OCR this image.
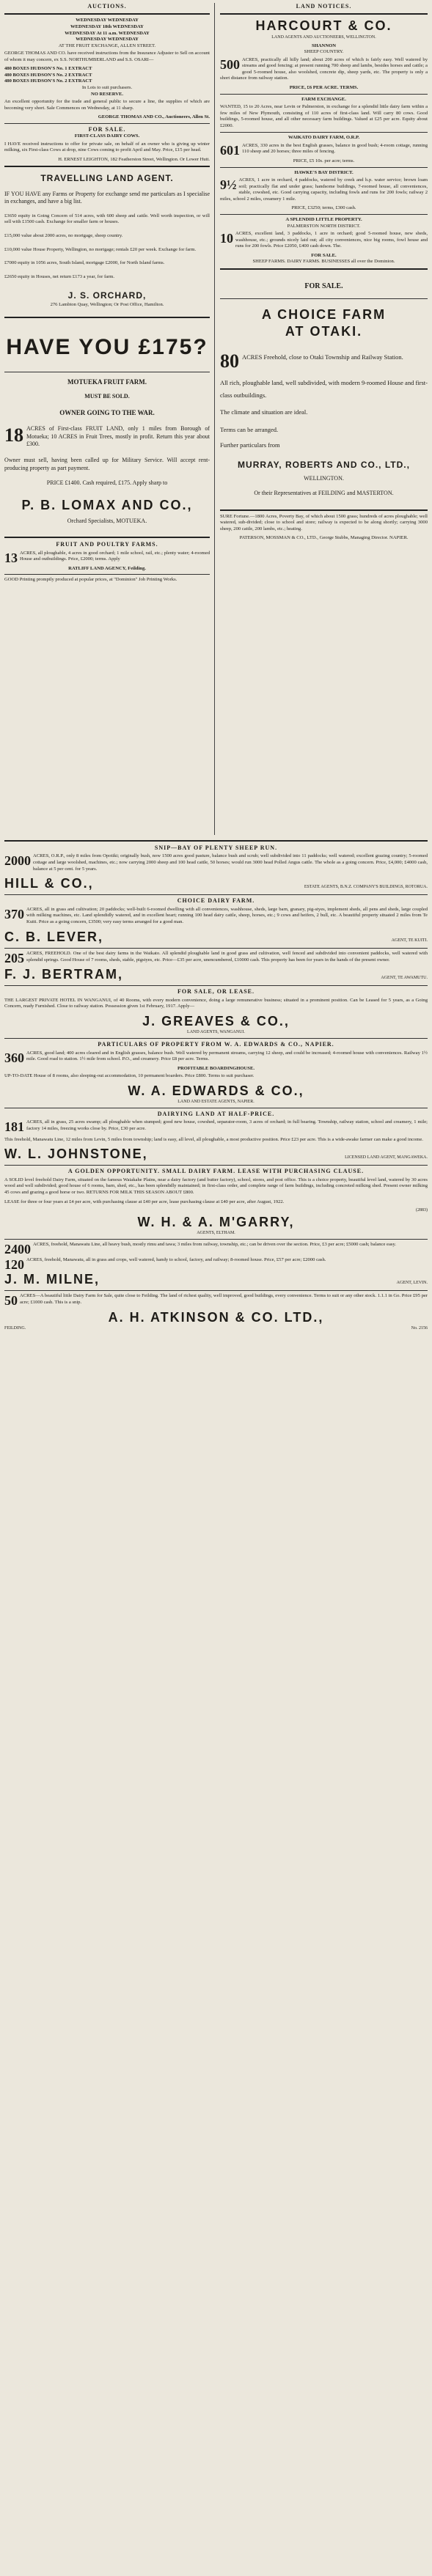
AUCTIONS.
WEDNESDAY WEDNESDAY
WEDNESDAY 18th WEDNESDAY
WEDNESDAY At 11 a.m. WEDNESDAY
WEDNESDAY WEDNESDAY
AT THE FRUIT EXCHANGE, ALLEN STREET.
GEORGE THOMAS AND CO. have received instructions from the Insurance Adjuster to Sell on account of whom it may concern, ex S.S. NORTHUMBERLAND and S.S. OSARI—
480 BOXES HUDSON'S No. 1 EXTRACT
480 BOXES HUDSON'S No. 2 EXTRACT
480 BOXES HUDSON'S No. 2 EXTRACT
In Lots to suit purchasers.
NO RESERVE.
An excellent opportunity for the trade and general public to secure a line, the supplies of which are becoming very short. Sale Commences on Wednesday, at 11 sharp.
GEORGE THOMAS AND CO., Auctioneers, Allen St.
FOR SALE.
FIRST-CLASS DAIRY COWS.
I HAVE received instructions to offer for private sale, on behalf of an owner who is giving up winter milking, six First-class Cows at drop, nine Cows coming to profit April and May. Price, £15 per head.
H. ERNEST LEIGHTON, 182 Featherston Street, Wellington. Or Lower Hutt.
TRAVELLING LAND AGENT.
IF YOU HAVE any Farms or Property for exchange send me particulars as I specialise in exchanges, and have a big list.
£3650 equity in Going Concern of 514 acres, with 600 sheep and cattle. Well worth inspection, or will sell with £1500 cash. Exchange for smaller farm or houses.
£15,000 value about 2000 acres, no mortgage, sheep country.
£10,000 value House Property, Wellington, no mortgage; rentals £20 per week. Exchange for farm.
£7000 equity in 1056 acres, South Island, mortgage £2000, for North Island farms.
£2650 equity in Houses, net return £173 a year, for farm.
J. S. ORCHARD,
276 Lambton Quay, Wellington; Or Post Office, Hamilton.
HAVE YOU £175?
MOTUEKA FRUIT FARM.
MUST BE SOLD.
OWNER GOING TO THE WAR.
18 ACRES of First-class FRUIT LAND, only 1 miles from Borough of Motueka; 10 ACRES in Fruit Trees, mostly in profit. Return this year about £300.
Owner must sell, having been called up for Military Service. Will accept rent-producing property as part payment.
PRICE £1400. Cash required, £175. Apply sharp to
P. B. LOMAX AND CO.,
Orchard Specialists, MOTUEKA.
FRUIT AND POULTRY FARMS.
13 ACRES, all ploughable, 4 acres in good orchard; 1 mile school, rail, etc.; plenty water; 4-roomed House and outbuildings. Price, £2000; terms. Apply
RATLIFF LAND AGENCY, Feilding.
GOOD Printing promptly produced at popular prices, at "Dominion" Job Printing Works.
LAND NOTICES.
HARCOURT & CO.
LAND AGENTS AND AUCTIONEERS, WELLINGTON.
SHANNON
SHEEP COUNTRY.
500 ACRES, practically all hilly land; about 200 acres of which is fairly easy. Well watered by streams and good fencing; at present running 700 sheep and lambs, besides horses and cattle; a good 5-roomed house, also woolshed, concrete dip, sheep yards, etc. The property is only a short distance from railway station.
PRICE, £6 PER ACRE. TERMS.
FARM EXCHANGE.
WANTED, 15 to 20 Acres, near Levin or Palmerston, in exchange for a splendid little dairy farm within a few miles of New Plymouth, consisting of 110 acres of first-class land. Will carry 80 cows. Good buildings, 5-roomed house, and all other necessary farm buildings. Valued at £25 per acre. Equity about £2000.
WAIKATO DAIRY FARM, O.R.P.
601 ACRES, 330 acres in the best English grasses, balance in good bush; 4-room cottage, running 110 sheep and 20 horses; three miles of fencing.
PRICE, £5 10s. per acre; terms.
HAWKE'S BAY DISTRICT.
9½ ACRES, 1 acre in orchard, 4 paddocks, watered by creek and h.p. water service; brown loam soil; practically flat and under grass; handsome buildings, 7-roomed house, all conveniences, stable, cowshed, etc. Good carrying capacity, including fowls and runs for 200 fowls; railway 2 miles, school 2 miles, creamery 1 mile.
PRICE, £3250; terms, £300 cash.
A SPLENDID LITTLE PROPERTY.
PALMERSTON NORTH DISTRICT.
10 ACRES, excellent land, 3 paddocks, 1 acre in orchard; good 5-roomed house, new sheds, washhouse, etc.; grounds nicely laid out; all city conveniences, nice big rooms, fowl house and runs for 200 fowls. Price £2050, £400 cash down. The.
FOR SALE.
SHEEP FARMS. DAIRY FARMS. BUSINESSES all over the Dominion.
FOR SALE.
A CHOICE FARM
AT OTAKI.
80 ACRES Freehold, close to Otaki Township and Railway Station.
All rich, ploughable land, well subdivided, with modern 9-roomed House and first-class outbuildings.
The climate and situation are ideal.
Terms can be arranged.
Further particulars from
MURRAY, ROBERTS AND CO., LTD.,
WELLINGTON.
Or their Representatives at FEILDING and MASTERTON.
SURE Fortune.—1800 Acres, Poverty Bay, of which about 1500 grass; hundreds of acres ploughable; well watered, sub-divided; close to school and store; railway is expected to be along shortly; carrying 3000 sheep, 200 cattle, 200 lambs, etc.; heating.
PATERSON, MOSSMAN & CO., LTD., George Stubbs, Managing Director. NAPIER.
SNIP—BAY OF PLENTY SHEEP RUN.
2000 ACRES, O.R.P., only 8 miles from Opotiki; originally bush, now 1500 acres good pasture, balance bush and scrub; well subdivided into 11 paddocks; well watered; excellent grazing country; 5-roomed cottage and large woolshed, machines, etc.; now carrying 2000 sheep and 100 head cattle, 50 horses; would run 3000 head Polled Angus cattle. The whole as a going concern. Price, £4,000; £4000 cash, balance at 5 per cent. for 5 years.
HILL & CO.,	ESTATE AGENTS, B.N.Z. COMPANY'S BUILDINGS, ROTORUA.
CHOICE DAIRY FARM.
370 ACRES, all in grass and cultivation; 20 paddocks; well-built 6-roomed dwelling with all conveniences, washhouse, sheds, large barn, granary, pig-styes, implement sheds, all pens and sheds, large coupled with milking machines, etc. Land splendidly watered, and in excellent heart; running 100 head dairy cattle, sheep, horses, etc.; 9 cows and heifers, 2 bull, etc. A beautiful property situated 2 miles from Te Kuiti. Price as a going concern, £3500; very easy terms arranged for a good man.
C. B. LEVER,	AGENT, TE KUITI.
205 ACRES, FREEHOLD. One of the best dairy farms in the Waikato. All splendid ploughable land in good grass and cultivation, well fenced and subdivided into convenient paddocks, well watered with splendid springs. Good House of 7 rooms, sheds, stable, pigstyes, etc. Price—£35 per acre, unencumbered, £10000 cash. This property has been for years in the hands of the present owner.
F. J. BERTRAM,	AGENT, TE AWAMUTU.
FOR SALE, OR LEASE.
THE LARGEST PRIVATE HOTEL IN WANGANUI, of 40 Rooms, with every modern convenience, doing a large remunerative business; situated in a prominent position. Can be Leased for 5 years, as a Going Concern, ready Furnished. Close to railway station. Possession given 1st February, 1917. Apply—
J. GREAVES & CO.,
LAND AGENTS, WANGANUI.
PARTICULARS OF PROPERTY FROM W. A. EDWARDS & CO., NAPIER.
360 ACRES, good land; 400 acres cleared and in English grasses, balance bush. Well watered by permanent streams, carrying 12 sheep, and could be increased; 4-roomed house with conveniences. Railway 1½ mile. Good road to station. 1½ mile from school. P.O., and creamery. Price £8 per acre. Terms.
PROFITABLE BOARDINGHOUSE.
UP-TO-DATE House of 8 rooms, also sleeping-out accommodation, 10 permanent boarders. Price £800. Terms to suit purchaser.
W. A. EDWARDS & CO.,
LAND AND ESTATE AGENTS, NAPIER.
DAIRYING LAND AT HALF-PRICE.
181 ACRES, all in grass, 25 acres swamp; all ploughable when stumped; good new house, cowshed, separator-room, 3 acres of orchard; in full bearing. Township, railway station, school and creamery, 1 mile; factory 14 miles, freezing works close by. Price, £30 per acre.
This freehold, Manawatu Line, 12 miles from Levin, 5 miles from township; land is easy, all level, all ploughable, a most productive position. Price £23 per acre. This is a wide-awake farmer can make a good income.
W. L. JOHNSTONE,	LICENSED LAND AGENT, MANGAWEKA.
A GOLDEN OPPORTUNITY. SMALL DAIRY FARM. LEASE WITH PURCHASING CLAUSE.
A SOLID level freehold Dairy Farm, situated on the famous Waiakahe Plains, near a dairy factory (and butter factory), school, stores, and post office. This is a choice property, beautiful level land, watered by 30 acres wood and well subdivided; good house of 6 rooms, barn, shed, etc., has been splendidly maintained; in first-class order, and complete range of farm buildings, including concreted milking shed. Present owner milking 45 cows and grazing a good horse or two. RETURNS FOR MILK THIS SEASON ABOUT £800.
LEASE for three or four years at £4 per acre, with purchasing clause at £40 per acre, lease purchasing clause at £40 per acre, after August, 1922.
(2883)
W. H. & A. M'GARRY,
AGENTS, ELTHAM.
2400 ACRES, freehold, Manawatu Line, all heavy bush, mostly rimu and tawa; 3 miles from railway, township, etc.; can be driven over the section. Price, £3 per acre; £5000 cash; balance easy.
120 ACRES, freehold, Manawatu, all in grass and crops, well watered, handy to school, factory, and railway; 8-roomed house. Price, £57 per acre; £2000 cash.
J. M. MILNE,	AGENT, LEVIN.
50 ACRES—A beautiful little Dairy Farm for Sale, quite close to Feilding. The land of richest quality, well improved, good buildings, every convenience. Terms to suit or any other stock. 1.1.1 in Go. Price £95 per acre; £1000 cash. This is a snip.
A. H. ATKINSON & CO. LTD.,
FEILDING.	No. 2156
